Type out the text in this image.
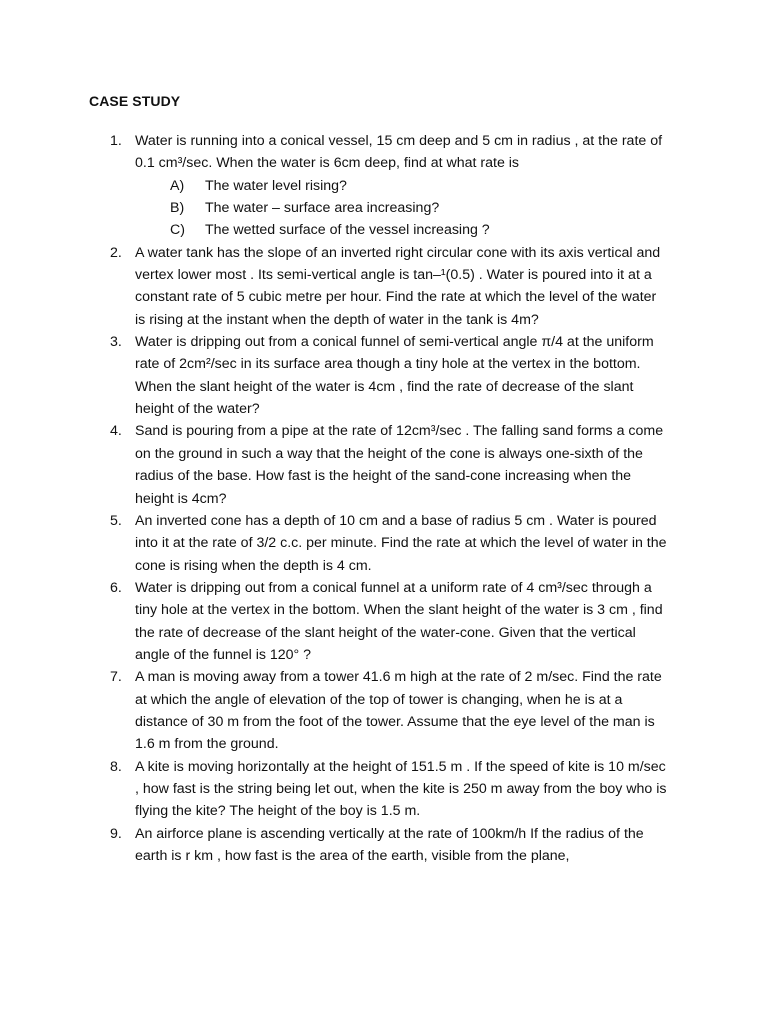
CASE STUDY
1. Water is running into a conical vessel, 15 cm deep and 5 cm in radius , at the rate of 0.1 cm³/sec. When the water is 6cm deep, find at what rate is
A) The water level rising?
B) The water – surface area increasing?
C) The wetted surface of the vessel increasing ?
2. A water tank has the slope of an inverted right circular cone with its axis vertical and vertex lower most . Its semi-vertical angle is tan–¹(0.5) . Water is poured into it at a constant rate of 5 cubic metre per hour. Find the rate at which the level of the water is rising at the instant when the depth of water in the tank is 4m?
3. Water is dripping out from a conical funnel of semi-vertical angle π/4 at the uniform rate of 2cm²/sec in its surface area though a tiny hole at the vertex in the bottom. When the slant height of the water is 4cm , find the rate of decrease of the slant height of the water?
4. Sand is pouring from a pipe at the rate of 12cm³/sec . The falling sand forms a come on the ground in such a way that the height of the cone is always one-sixth of the radius of the base. How fast is the height of the sand-cone increasing when the height is 4cm?
5. An inverted cone has a depth of 10 cm and a base of radius 5 cm . Water is poured into it at the rate of 3/2 c.c. per minute. Find the rate at which the level of water in the cone is rising when the depth is 4 cm.
6. Water is dripping out from a conical funnel at a uniform rate of 4 cm³/sec through a tiny hole at the vertex in the bottom. When the slant height of the water is 3 cm , find the rate of decrease of the slant height of the water-cone. Given that the vertical angle of the funnel is 120° ?
7. A man is moving away from a tower 41.6 m high at the rate of 2 m/sec. Find the rate at which the angle of elevation of the top of tower is changing, when he is at a distance of 30 m from the foot of the tower. Assume that the eye level of the man is 1.6 m from the ground.
8. A kite is moving horizontally at the height of 151.5 m . If the speed of kite is 10 m/sec , how fast is the string being let out, when the kite is 250 m away from the boy who is flying the kite? The height of the boy is 1.5 m.
9. An airforce plane is ascending vertically at the rate of 100km/h If the radius of the earth is r km , how fast is the area of the earth, visible from the plane,
